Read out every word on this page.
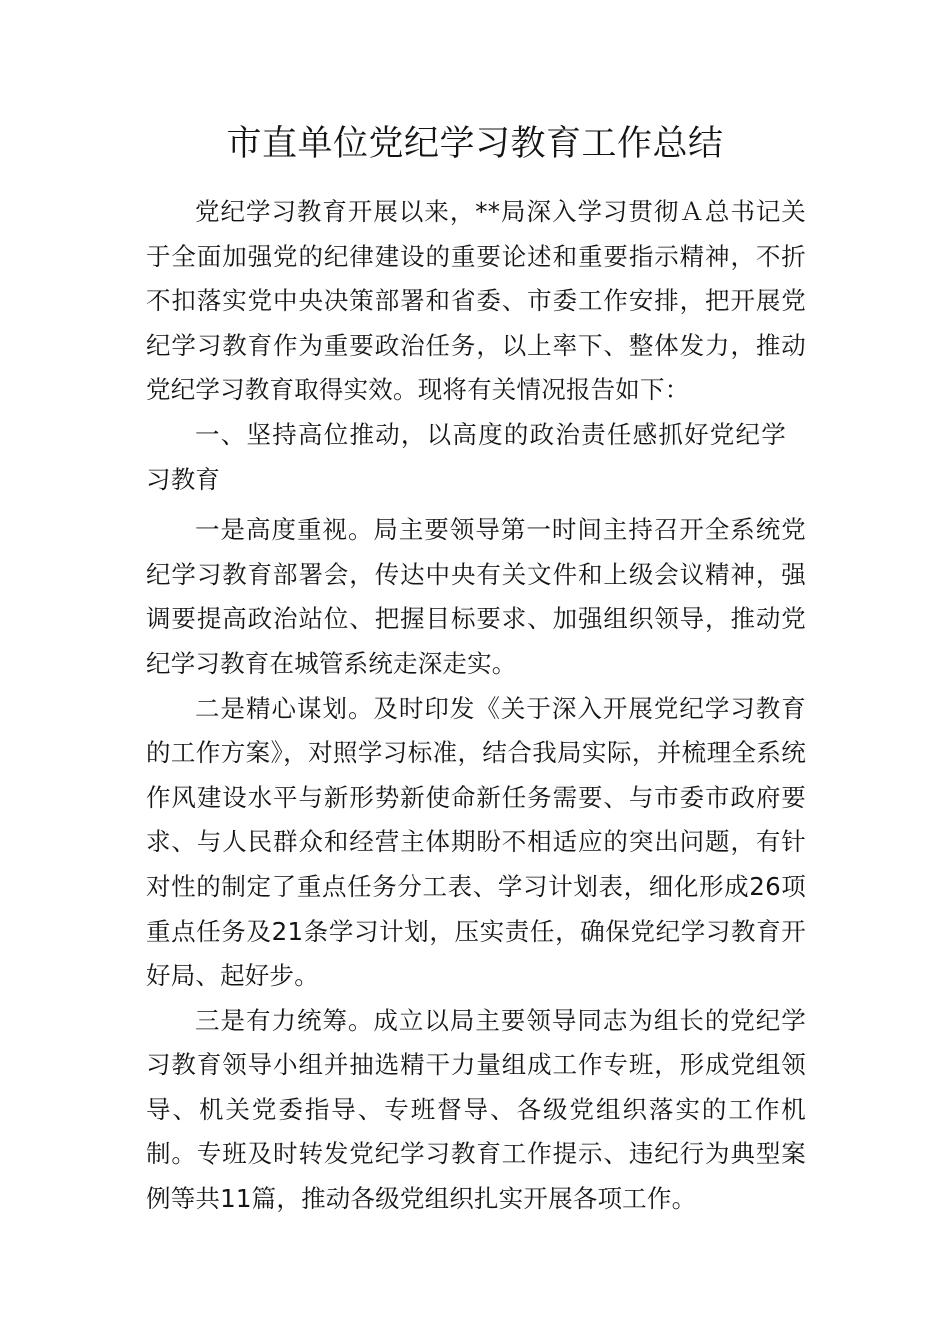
市直单位党纪学习教育工作总结

党纪学习教育开展以来，**局深入学习贯彻Ａ总书记关于全面加强党的纪律建设的重要论述和重要指示精神，不折不扣落实党中央决策部署和省委、市委工作安排，把开展党纪学习教育作为重要政治任务，以上率下、整体发力，推动党纪学习教育取得实效。现将有关情况报告如下：

一、坚持高位推动，以高度的政治责任感抓好党纪学习教育

一是高度重视。局主要领导第一时间主持召开全系统党纪学习教育部署会，传达中央有关文件和上级会议精神，强调要提高政治站位、把握目标要求、加强组织领导，推动党纪学习教育在城管系统走深走实。

二是精心谋划。及时印发《关于深入开展党纪学习教育的工作方案》，对照学习标准，结合我局实际，并梳理全系统作风建设水平与新形势新使命新任务需要、与市委市政府要求、与人民群众和经营主体期盼不相适应的突出问题，有针对性的制定了重点任务分工表、学习计划表，细化形成26项重点任务及21条学习计划，压实责任，确保党纪学习教育开好局、起好步。

三是有力统筹。成立以局主要领导同志为组长的党纪学习教育领导小组并抽选精干力量组成工作专班，形成党组领导、机关党委指导、专班督导、各级党组织落实的工作机制。专班及时转发党纪学习教育工作提示、违纪行为典型案例等共11篇，推动各级党组织扎实开展各项工作。
